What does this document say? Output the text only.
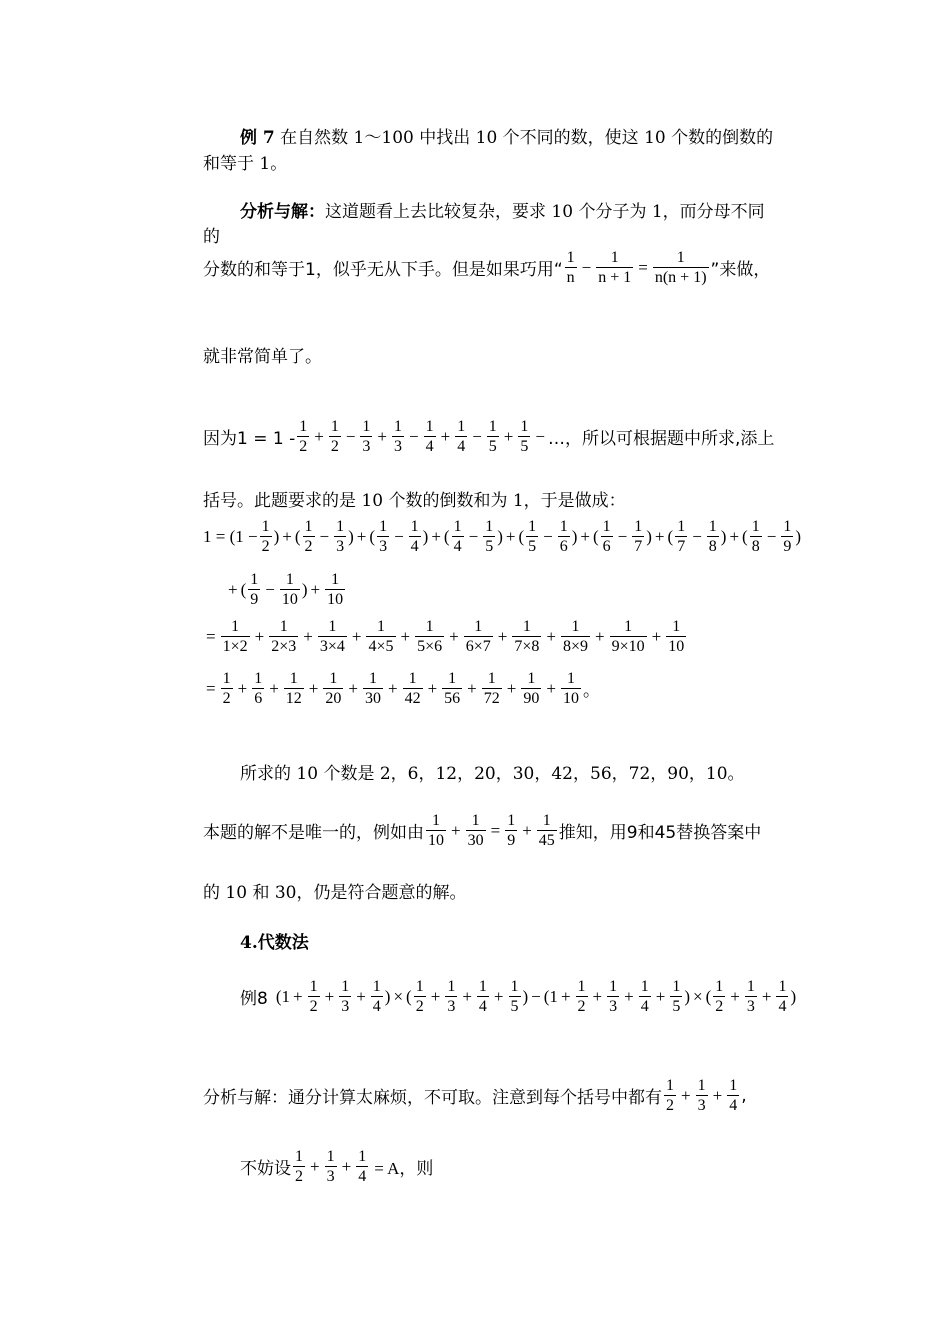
例 7 在自然数 1～100 中找出 10 个不同的数，使这 10 个数的倒数的
和等于 1。
分析与解：这道题看上去比较复杂，要求 10 个分子为 1，而分母不同
的
分数的和等于1，似乎无从下手。但是如果巧用“ $\frac{1}{n} - \frac{1}{n + 1} = \frac{1}{n(n + 1)}$ ”来做，
就非常简单了。
因为$1 = 1 - \frac{1}{2} + \frac{1}{2} - \frac{1}{3} + \frac{1}{3} - \frac{1}{4} + \frac{1}{4} - \frac{1}{5} + \frac{1}{5}$ − …，所以可根据题中所求,添上
括号。此题要求的是 10 个数的倒数和为 1，于是做成：
$1 = (1 - \frac{1}{2}$ ) + ( $\frac{1}{2} - \frac{1}{3}$ ) + ( $\frac{1}{3} - \frac{1}{4}$ ) + ( $\frac{1}{4} - \frac{1}{5}$ ) + ( $\frac{1}{5} - \frac{1}{6}$ ) + ( $\frac{1}{6} - \frac{1}{7}$ ) + ( $\frac{1}{7} - \frac{1}{8}$ ) + ( $\frac{1}{8} - \frac{1}{9}$ )
+ ( $\frac{1}{9} - \frac{1}{10}$ ) + $\frac{1}{10}$
= $\frac{1}{1\times 2} + \frac{1}{2\times 3} + \frac{1}{3\times 4} + \frac{1}{4\times 5} + \frac{1}{5\times 6} + \frac{1}{6\times 7} + \frac{1}{7\times 8} + \frac{1}{8\times 9} + \frac{1}{9\times 10} + \frac{1}{10}$
= $\frac{1}{2} + \frac{1}{6} + \frac{1}{12} + \frac{1}{20} + \frac{1}{30} + \frac{1}{42} + \frac{1}{56} + \frac{1}{72} + \frac{1}{90} + \frac{1}{10}$ 。
所求的 10 个数是 2，6，12，20，30，42，56，72，90，10。
本题的解不是唯一的，例如由 $\frac{1}{10} + \frac{1}{30} = \frac{1}{9} + \frac{1}{45}$ 推知，用9和45替换答案中
的 10 和 30，仍是符合题意的解。
4.代数法
例8 ($1 + \frac{1}{2} + \frac{1}{3} + \frac{1}{4}$ ) × ( $\frac{1}{2} + \frac{1}{3} + \frac{1}{4} + \frac{1}{5}$ ) − ($1 + \frac{1}{2} + \frac{1}{3} + \frac{1}{4} + \frac{1}{5}$ ) × ( $\frac{1}{2} + \frac{1}{3} + \frac{1}{4}$ )
分析与解：通分计算太麻烦，不可取。注意到每个括号中都有 $\frac{1}{2} + \frac{1}{3} + \frac{1}{4}$ ,
不妨设 $\frac{1}{2} + \frac{1}{3} + \frac{1}{4} = A$，则
